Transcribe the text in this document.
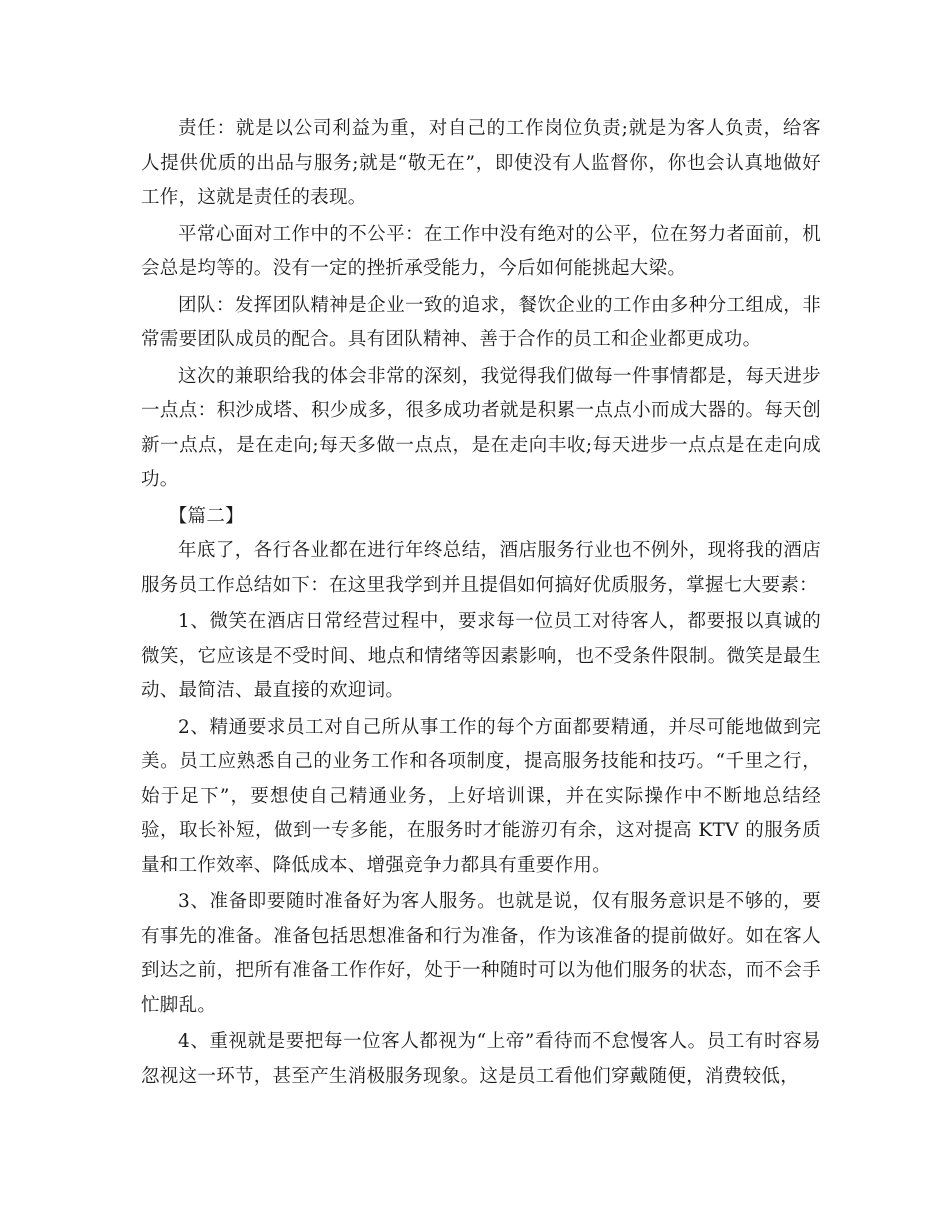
责任：就是以公司利益为重，对自己的工作岗位负责;就是为客人负责，给客人提供优质的出品与服务;就是“敬无在”，即使没有人监督你，你也会认真地做好工作，这就是责任的表现。

平常心面对工作中的不公平：在工作中没有绝对的公平，位在努力者面前，机会总是均等的。没有一定的挫折承受能力，今后如何能挑起大梁。

团队：发挥团队精神是企业一致的追求，餐饮企业的工作由多种分工组成，非常需要团队成员的配合。具有团队精神、善于合作的员工和企业都更成功。

这次的兼职给我的体会非常的深刻，我觉得我们做每一件事情都是，每天进步一点点：积沙成塔、积少成多，很多成功者就是积累一点点小而成大器的。每天创新一点点，是在走向;每天多做一点点，是在走向丰收;每天进步一点点是在走向成功。

【篇二】

年底了，各行各业都在进行年终总结，酒店服务行业也不例外，现将我的酒店服务员工作总结如下：在这里我学到并且提倡如何搞好优质服务，掌握七大要素：

1、微笑在酒店日常经营过程中，要求每一位员工对待客人，都要报以真诚的微笑，它应该是不受时间、地点和情绪等因素影响，也不受条件限制。微笑是最生动、最简洁、最直接的欢迎词。

2、精通要求员工对自己所从事工作的每个方面都要精通，并尽可能地做到完美。员工应熟悉自己的业务工作和各项制度，提高服务技能和技巧。“千里之行，始于足下”，要想使自己精通业务，上好培训课，并在实际操作中不断地总结经验，取长补短，做到一专多能，在服务时才能游刃有余，这对提高 KTV 的服务质量和工作效率、降低成本、增强竞争力都具有重要作用。

3、准备即要随时准备好为客人服务。也就是说，仅有服务意识是不够的，要有事先的准备。准备包括思想准备和行为准备，作为该准备的提前做好。如在客人到达之前，把所有准备工作作好，处于一种随时可以为他们服务的状态，而不会手忙脚乱。

4、重视就是要把每一位客人都视为“上帝”看待而不怠慢客人。员工有时容易忽视这一环节，甚至产生消极服务现象。这是员工看他们穿戴随便，消费较低，
